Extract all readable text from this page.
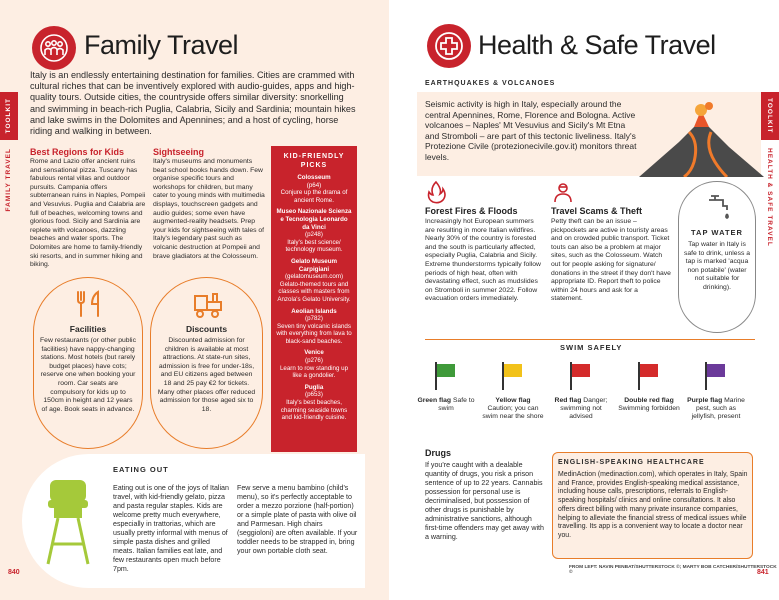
Family Travel
TOOLKIT
FAMILY TRAVEL
Italy is an endlessly entertaining destination for families. Cities are crammed with cultural riches that can be inventively explored with audio-guides, apps and high-quality tours. Outside cities, the countryside offers similar diversity: snorkelling and swimming in beach-rich Puglia, Calabria, Sicily and Sardinia; mountain hikes and lake swims in the Dolomites and Apennines; and a host of cycling, horse riding and walking in between.
Best Regions for Kids
Rome and Lazio offer ancient ruins and sensational pizza. Tuscany has fabulous rental villas and outdoor pursuits. Campania offers subterranean ruins in Naples, Pompeii and Vesuvius. Puglia and Calabria are full of beaches, welcoming towns and glorious food. Sicily and Sardinia are replete with volcanoes, dazzling beaches and water sports. The Dolomites are home to family-friendly ski resorts, and in summer hiking and biking.
Sightseeing
Italy's museums and monuments beat school books hands down. Few organise specific tours and workshops for children, but many cater to young minds with multimedia displays, touchscreen gadgets and audio guides; some even have augmented-reality headsets. Prep your kids for sightseeing with tales of Italy's legendary past such as volcanic destruction at Pompeii and brave gladiators at the Colosseum.
KID-FRIENDLY PICKS
Colosseum
(p64)
Conjure up the drama of ancient Rome.
Museo Nazionale Scienza e Tecnologia Leonardo da Vinci
(p248)
Italy's best science/ technology museum.
Gelato Museum Carpigiani
(gelatomuseum.com)
Gelato-themed tours and classes with masters from Anzola's Gelato University.
Aeolian Islands
(p782)
Seven tiny volcanic islands with everything from lava to black-sand beaches.
Venice
(p276)
Learn to row standing up like a gondolier.
Puglia
(p653)
Italy's best beaches, charming seaside towns and kid-friendly cuisine.
Facilities
Few restaurants (or other public facilities) have nappy-changing stations. Most hotels (but rarely budget places) have cots; reserve one when booking your room. Car seats are compulsory for kids up to 150cm in height and 12 years of age. Book seats in advance.
Discounts
Discounted admission for children is available at most attractions. At state-run sites, admission is free for under-18s, and EU citizens aged between 18 and 25 pay €2 for tickets. Many other places offer reduced admission for those aged six to 18.
EATING OUT
Eating out is one of the joys of Italian travel, with kid-friendly gelato, pizza and pasta regular staples. Kids are welcome pretty much everywhere, especially in trattorias, which are usually pretty informal with menus of simple pasta dishes and grilled meats. Italian families eat late, and few restaurants open much before 7pm.
Few serve a menu bambino (child's menu), so it's perfectly acceptable to order a mezzo porzione (half-portion) or a simple plate of pasta with olive oil and Parmesan. High chairs (seggioloni) are often available. If your toddler needs to be strapped in, bring your own portable cloth seat.
840
Health & Safe Travel
TOOLKIT
HEALTH & SAFE TRAVEL
EARTHQUAKES & VOLCANOES
Seismic activity is high in Italy, especially around the central Apennines, Rome, Florence and Bologna. Active volcanoes – Naples' Mt Vesuvius and Sicily's Mt Etna and Stromboli – are part of this tectonic liveliness. Italy's Protezione Civile (protezionecivile.gov.it) monitors threat levels.
Forest Fires & Floods
Increasingly hot European summers are resulting in more Italian wildfires. Nearly 30% of the country is forested and the south is particularly affected, especially Puglia, Calabria and Sicily. Extreme thunderstorms typically follow periods of high heat, often with devastating effect, such as mudslides on Stromboli in summer 2022. Follow evacuation orders immediately.
Travel Scams & Theft
Petty theft can be an issue – pickpockets are active in touristy areas and on crowded public transport. Ticket touts can also be a problem at major sites, such as the Colosseum. Watch out for people asking for signature/ donations in the street if they don't have appropriate ID. Report theft to police within 24 hours and ask for a statement.
TAP WATER
Tap water in Italy is safe to drink, unless a tap is marked 'acqua non potabile' (water not suitable for drinking).
SWIM SAFELY
Green flag Safe to swim
Yellow flag Caution; you can swim near the shore
Red flag Danger; swimming not advised
Double red flag Swimming forbidden
Purple flag Marine pest, such as jellyfish, present
Drugs
If you're caught with a dealable quantity of drugs, you risk a prison sentence of up to 22 years. Cannabis possession for personal use is decriminalised, but possession of other drugs is punishable by administrative sanctions, although first-time offenders may get away with a warning.
ENGLISH-SPEAKING HEALTHCARE
MedinAction (medinaction.com), which operates in Italy, Spain and France, provides English-speaking medical assistance, including house calls, prescriptions, referrals to English-speaking hospitals/ clinics and online consultations. It also offers direct billing with many private insurance companies, helping to alleviate the financial stress of medical issues while travelling. Its app is a convenient way to locate a doctor near you.
FROM LEFT: NAVIN PENBAT/SHUTTERSTOCK ©; MARTY BOB CATCHER/SHUTTERSTOCK ©	841
